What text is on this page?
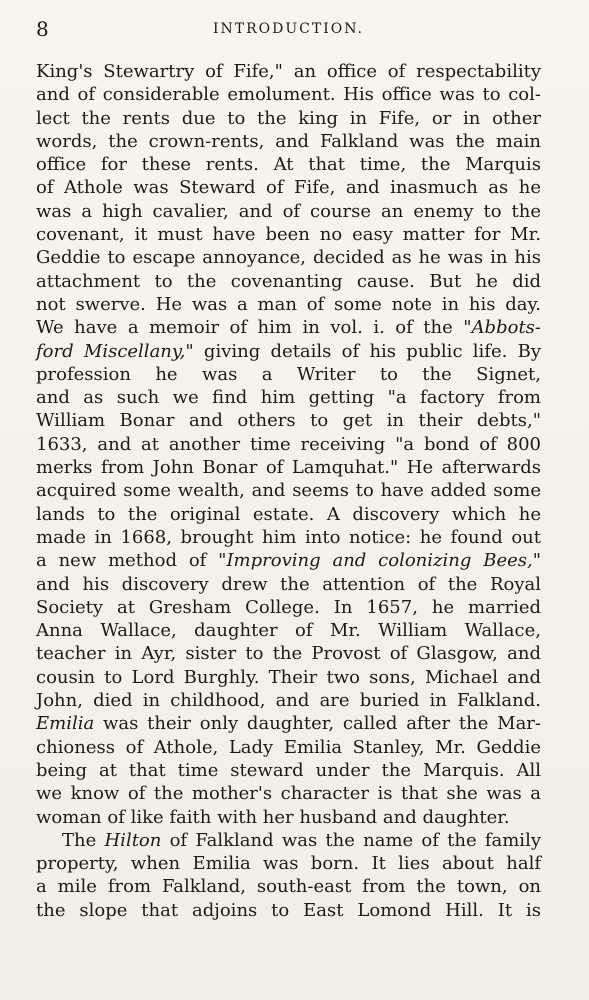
8	INTRODUCTION.
King's Stewartry of Fife," an office of respectability
and of considerable emolument. His office was to col-
lect the rents due to the king in Fife, or in other
words, the crown-rents, and Falkland was the main
office for these rents. At that time, the Marquis
of Athole was Steward of Fife, and inasmuch as he
was a high cavalier, and of course an enemy to the
covenant, it must have been no easy matter for Mr.
Geddie to escape annoyance, decided as he was in his
attachment to the covenanting cause. But he did
not swerve. He was a man of some note in his day.
We have a memoir of him in vol. i. of the "Abbots-
ford Miscellany," giving details of his public life. By
profession he was a Writer to the Signet,
and as such we find him getting "a factory from
William Bonar and others to get in their debts,"
1633, and at another time receiving "a bond of 800
merks from John Bonar of Lamquhat." He afterwards
acquired some wealth, and seems to have added some
lands to the original estate. A discovery which he
made in 1668, brought him into notice: he found out
a new method of "Improving and colonizing Bees,"
and his discovery drew the attention of the Royal
Society at Gresham College. In 1657, he married
Anna Wallace, daughter of Mr. William Wallace,
teacher in Ayr, sister to the Provost of Glasgow, and
cousin to Lord Burghly. Their two sons, Michael and
John, died in childhood, and are buried in Falkland.
Emilia was their only daughter, called after the Mar-
chioness of Athole, Lady Emilia Stanley, Mr. Geddie
being at that time steward under the Marquis. All
we know of the mother's character is that she was a
woman of like faith with her husband and daughter.
The Hilton of Falkland was the name of the family
property, when Emilia was born. It lies about half
a mile from Falkland, south-east from the town, on
the slope that adjoins to East Lomond Hill. It is
